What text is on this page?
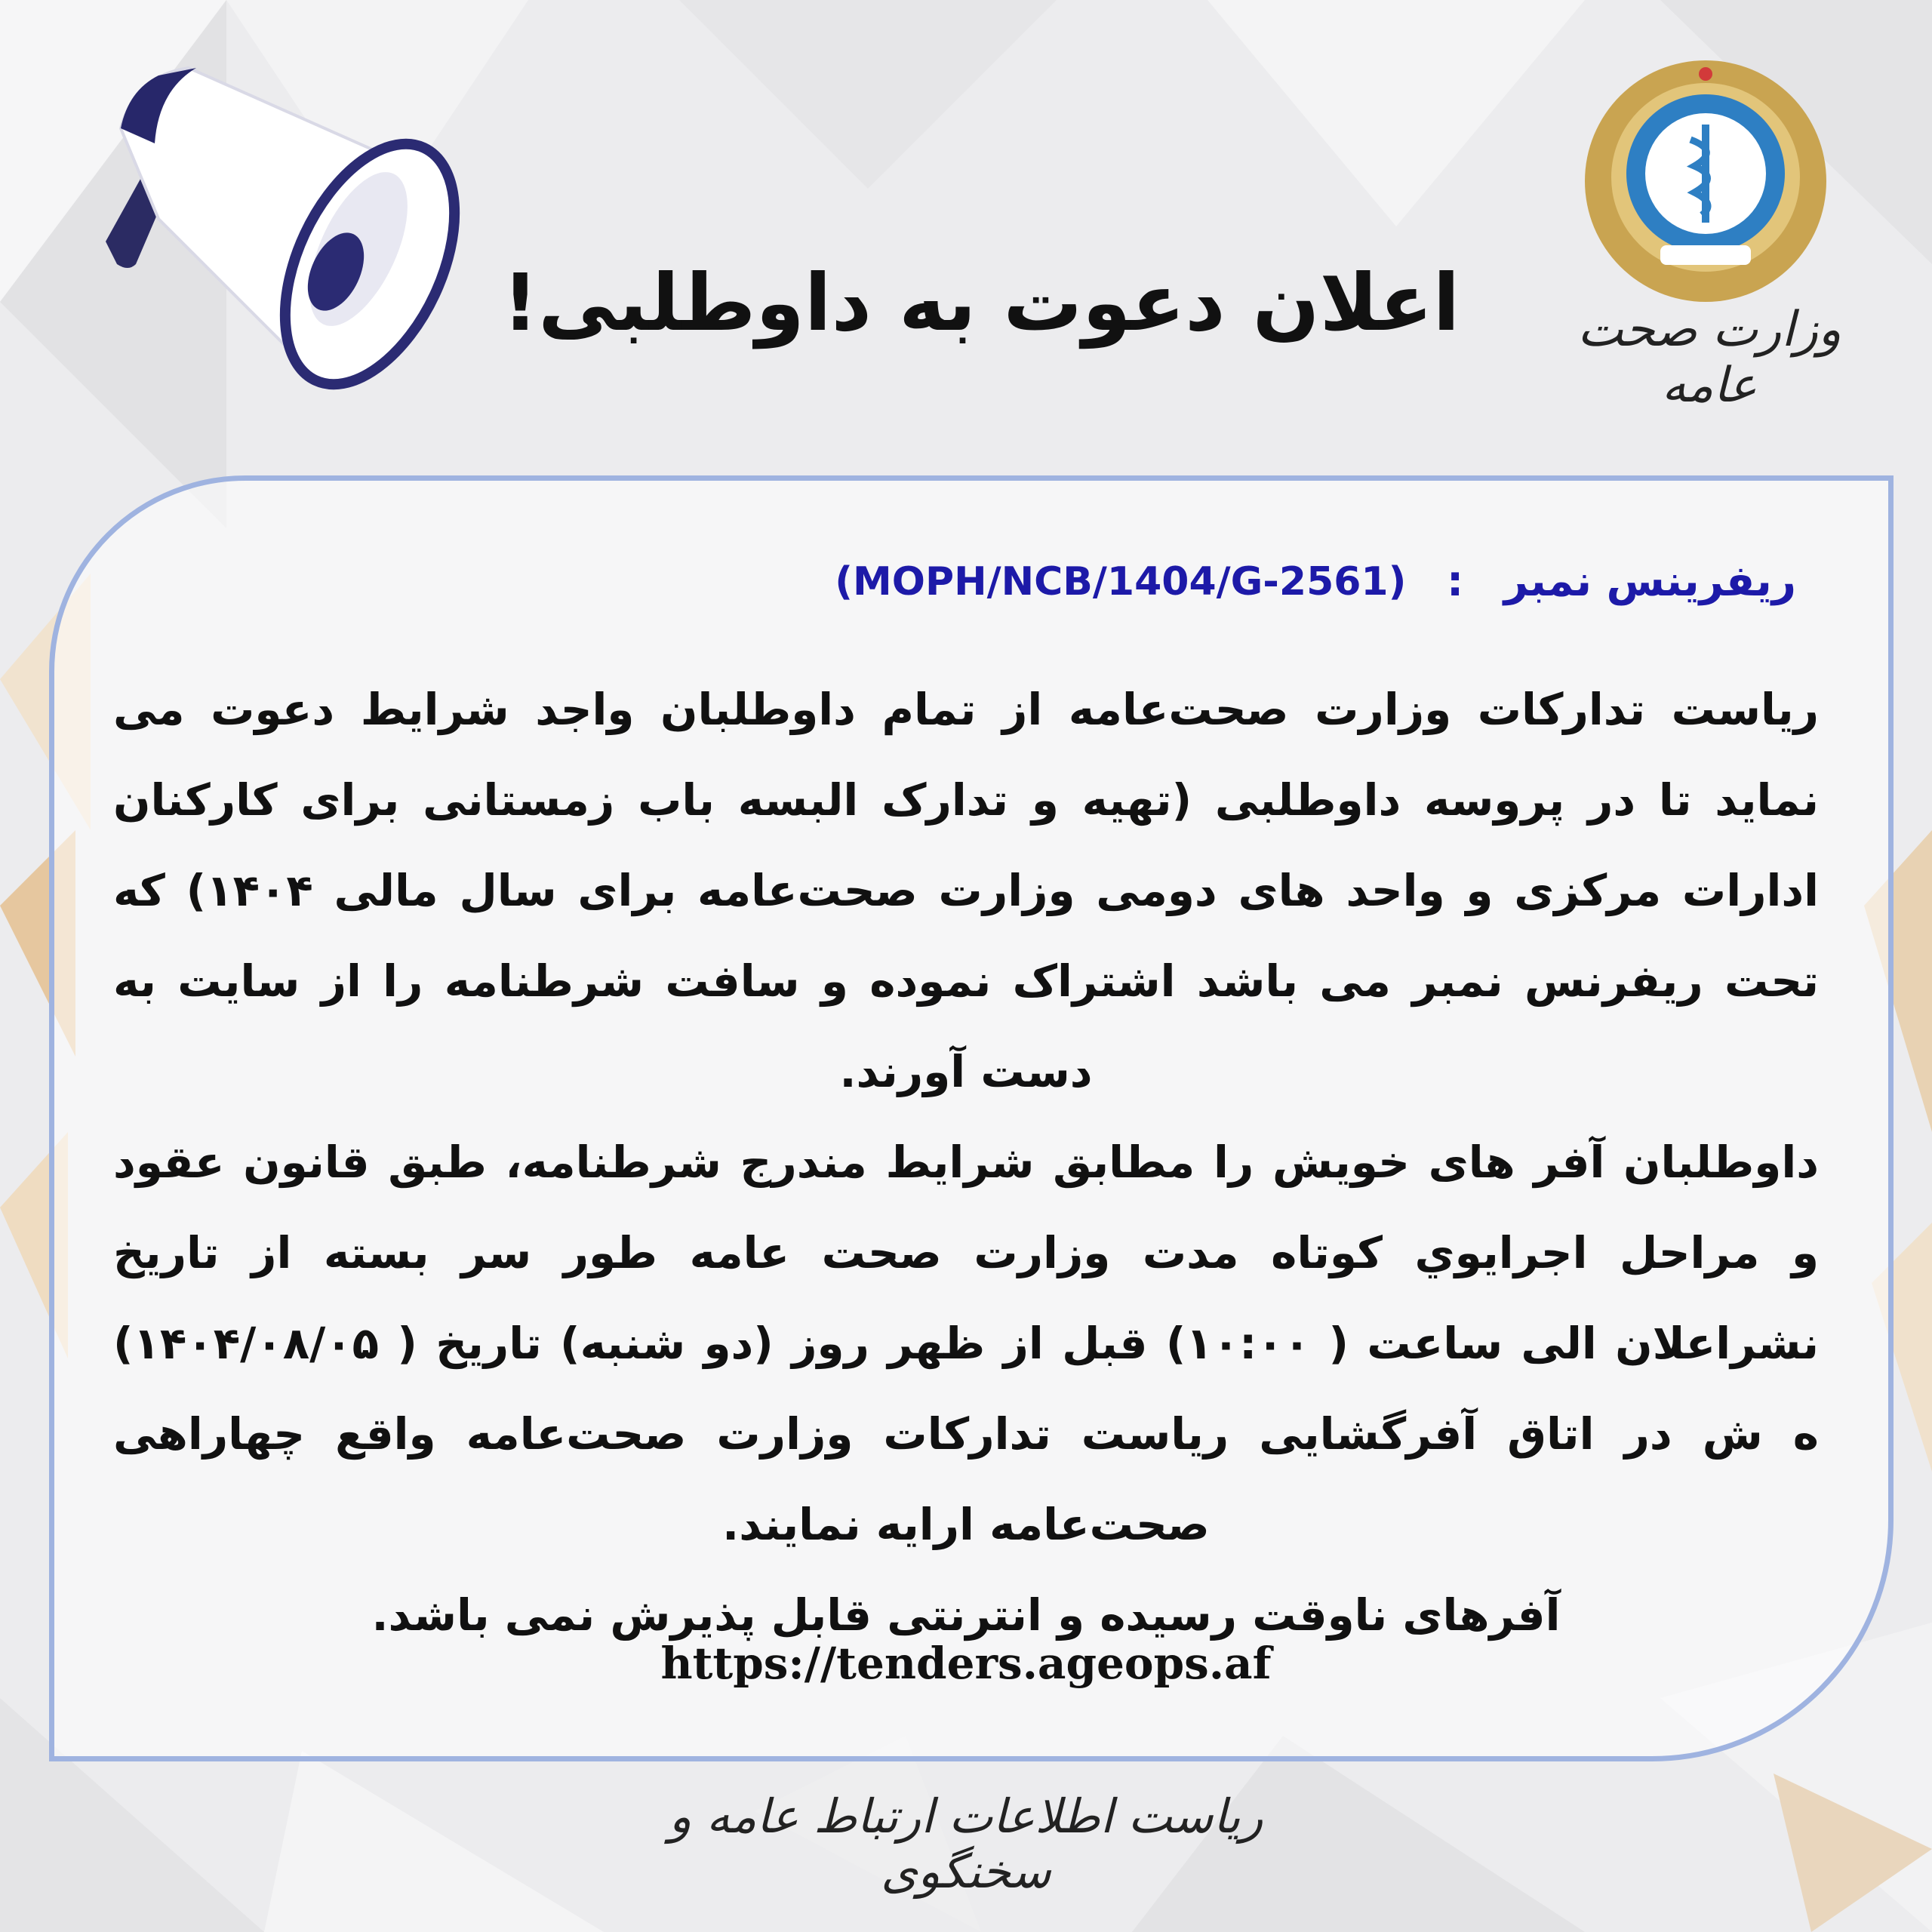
وزارت صحت عامه
اعلان دعوت به داوطلبی!
ریفرینس نمبر : (MOPH/NCB/1404/G-2561)

ریاست تدارکات وزارت صحت‌عامه از تمام داوطلبان واجد شرایط دعوت می نماید تا در پروسه داوطلبی (تهیه و تدارک البسه باب زمستانی برای کارکنان ادارات مرکزی و واحد های دومی وزارت صحت‌عامه برای سال مالی ۱۴۰۴) که تحت ریفرنس نمبر می باشد اشتراک نموده و سافت شرطنامه را از سایت به دست آورند.

داوطلبان آفر های خویش را مطابق شرایط مندرج شرطنامه، طبق قانون عقود و مراحل اجرایوي کوتاه مدت وزارت صحت عامه طور سر بسته از تاریخ نشراعلان الی ساعت ( ۱۰:۰۰) قبل از ظهر روز (دو شنبه) تاریخ ( ۱۴۰۴/۰۸/۰۵) ه ش در اتاق آفرگشایی ریاست تدارکات وزارت صحت‌عامه واقع چهاراهی صحت‌عامه ارایه نمایند.

آفرهای ناوقت رسیده و انترنتی قابل پذیرش نمی باشد.

https://tenders.ageops.af
ریاست اطلاعات ارتباط عامه و سخنگوی
